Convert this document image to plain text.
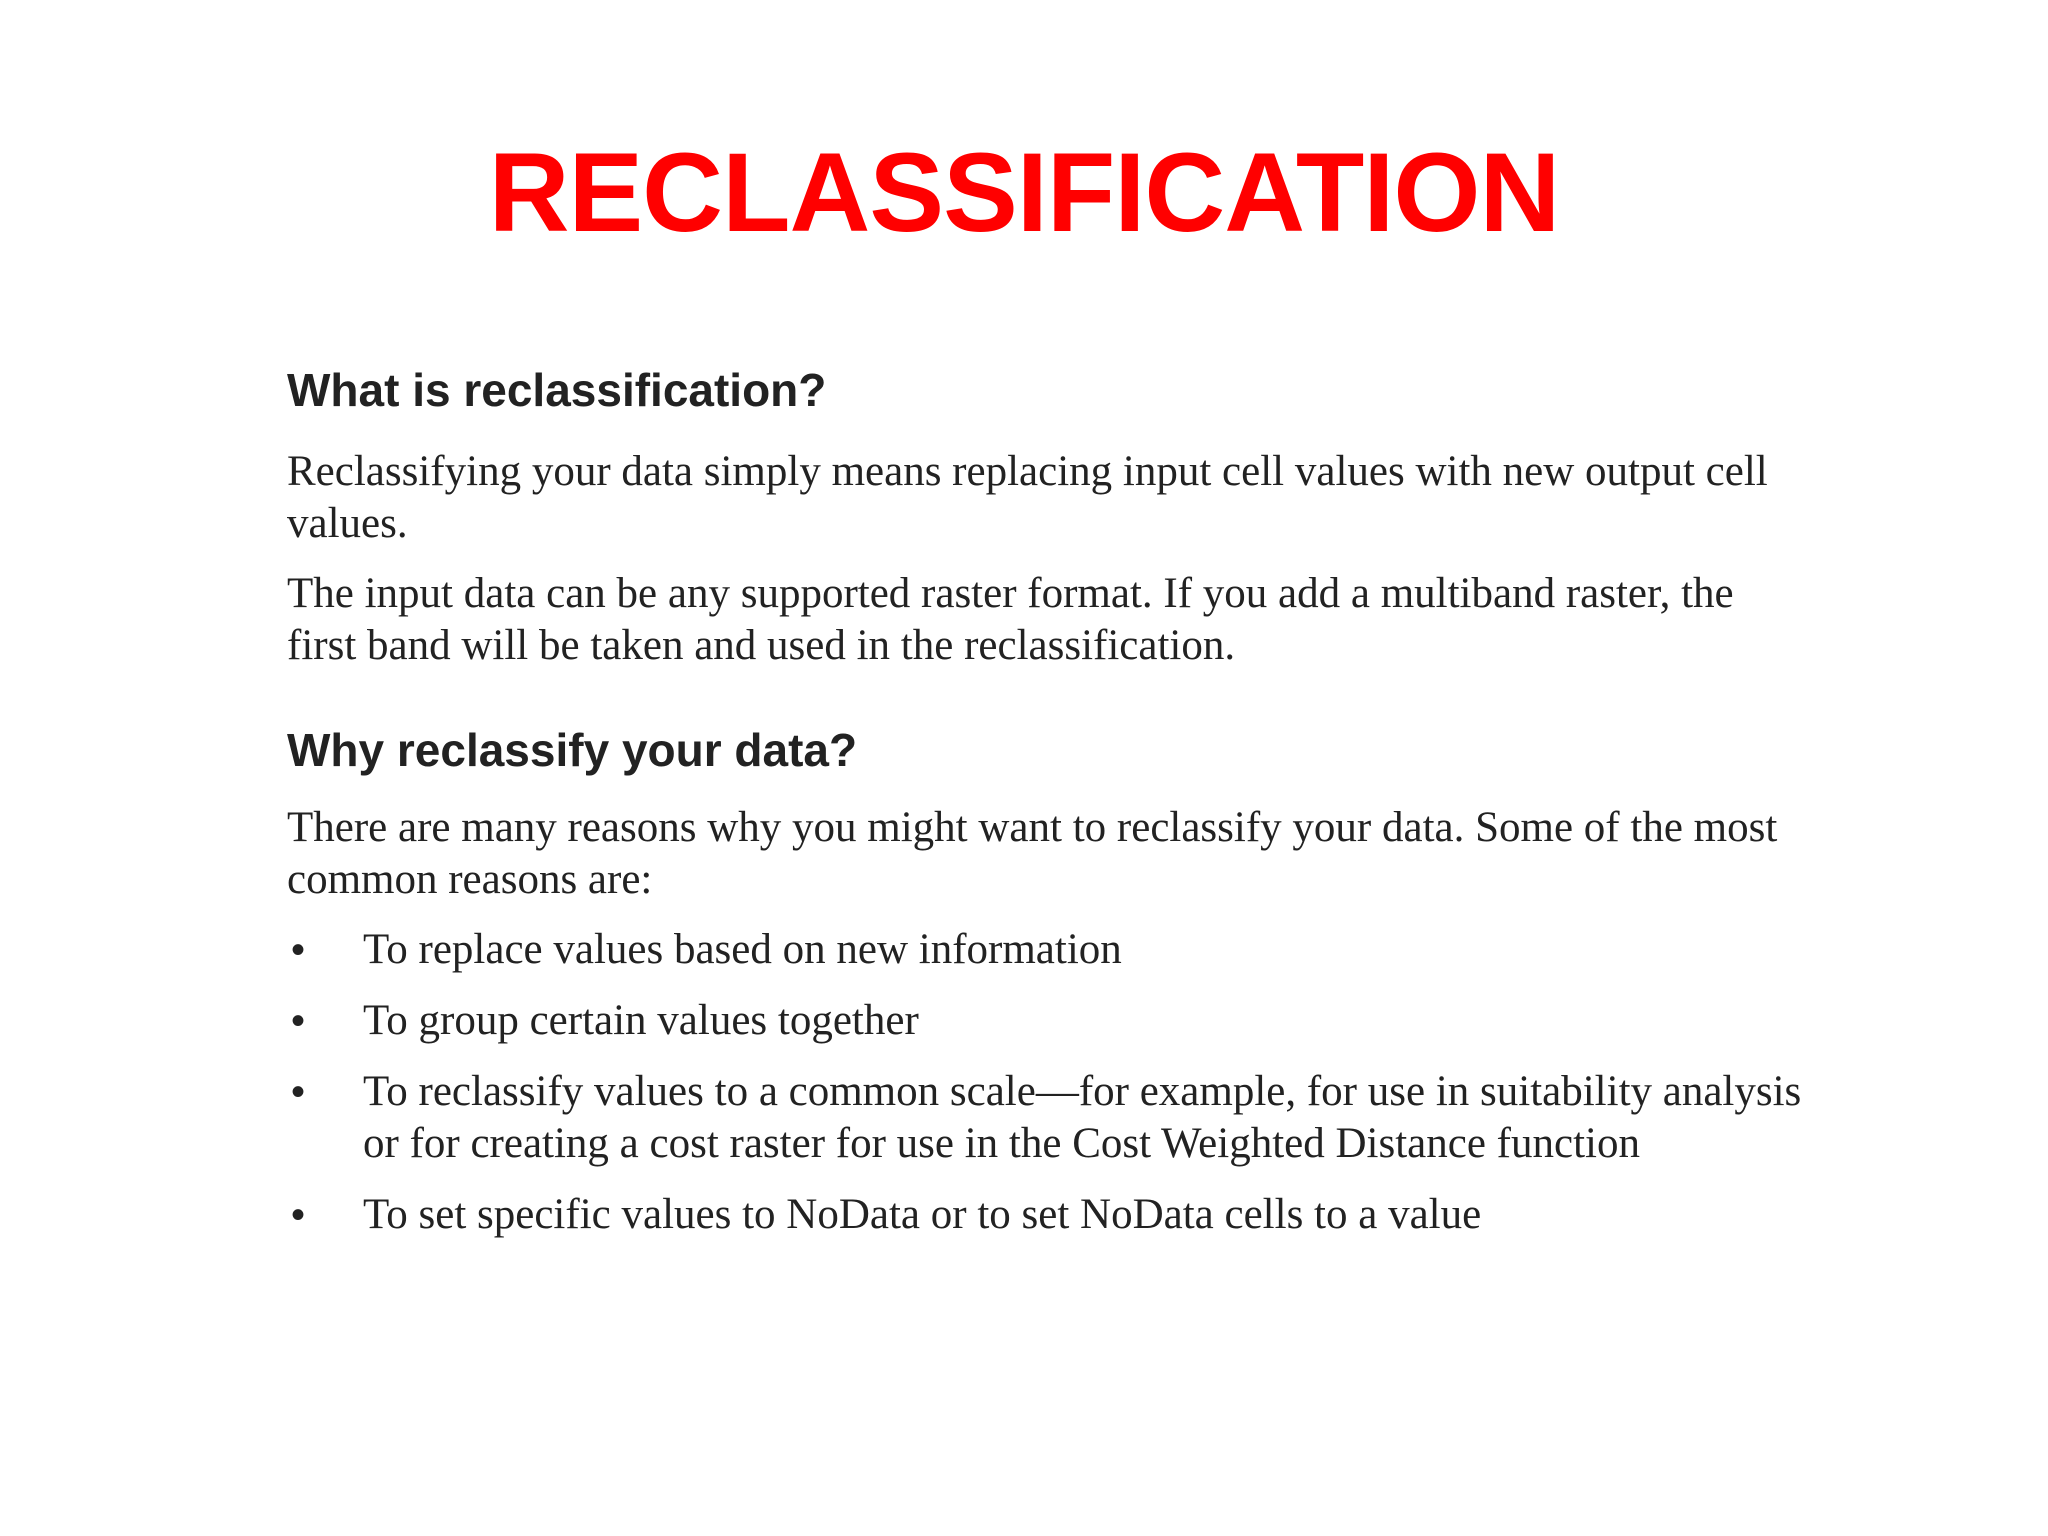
RECLASSIFICATION
What is reclassification?

Reclassifying your data simply means replacing input cell values with new output cell values.

The input data can be any supported raster format. If you add a multiband raster, the first band will be taken and used in the reclassification.

Why reclassify your data?

There are many reasons why you might want to reclassify your data. Some of the most common reasons are:

• To replace values based on new information
• To group certain values together
• To reclassify values to a common scale—for example, for use in suitability analysis or for creating a cost raster for use in the Cost Weighted Distance function
• To set specific values to NoData or to set NoData cells to a value
